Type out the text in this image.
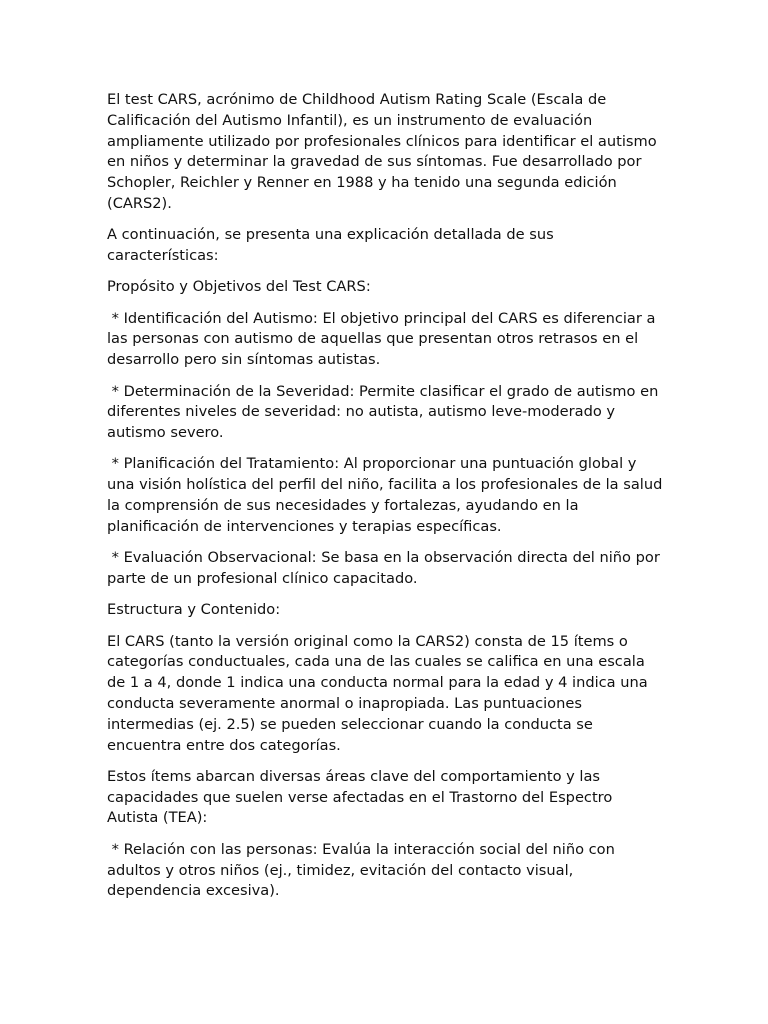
El test CARS, acrónimo de Childhood Autism Rating Scale (Escala de Calificación del Autismo Infantil), es un instrumento de evaluación ampliamente utilizado por profesionales clínicos para identificar el autismo en niños y determinar la gravedad de sus síntomas. Fue desarrollado por Schopler, Reichler y Renner en 1988 y ha tenido una segunda edición (CARS2).

A continuación, se presenta una explicación detallada de sus características:

Propósito y Objetivos del Test CARS:

* Identificación del Autismo: El objetivo principal del CARS es diferenciar a las personas con autismo de aquellas que presentan otros retrasos en el desarrollo pero sin síntomas autistas.

* Determinación de la Severidad: Permite clasificar el grado de autismo en diferentes niveles de severidad: no autista, autismo leve-moderado y autismo severo.

* Planificación del Tratamiento: Al proporcionar una puntuación global y una visión holística del perfil del niño, facilita a los profesionales de la salud la comprensión de sus necesidades y fortalezas, ayudando en la planificación de intervenciones y terapias específicas.

* Evaluación Observacional: Se basa en la observación directa del niño por parte de un profesional clínico capacitado.

Estructura y Contenido:

El CARS (tanto la versión original como la CARS2) consta de 15 ítems o categorías conductuales, cada una de las cuales se califica en una escala de 1 a 4, donde 1 indica una conducta normal para la edad y 4 indica una conducta severamente anormal o inapropiada. Las puntuaciones intermedias (ej. 2.5) se pueden seleccionar cuando la conducta se encuentra entre dos categorías.

Estos ítems abarcan diversas áreas clave del comportamiento y las capacidades que suelen verse afectadas en el Trastorno del Espectro Autista (TEA):

* Relación con las personas: Evalúa la interacción social del niño con adultos y otros niños (ej., timidez, evitación del contacto visual, dependencia excesiva).
